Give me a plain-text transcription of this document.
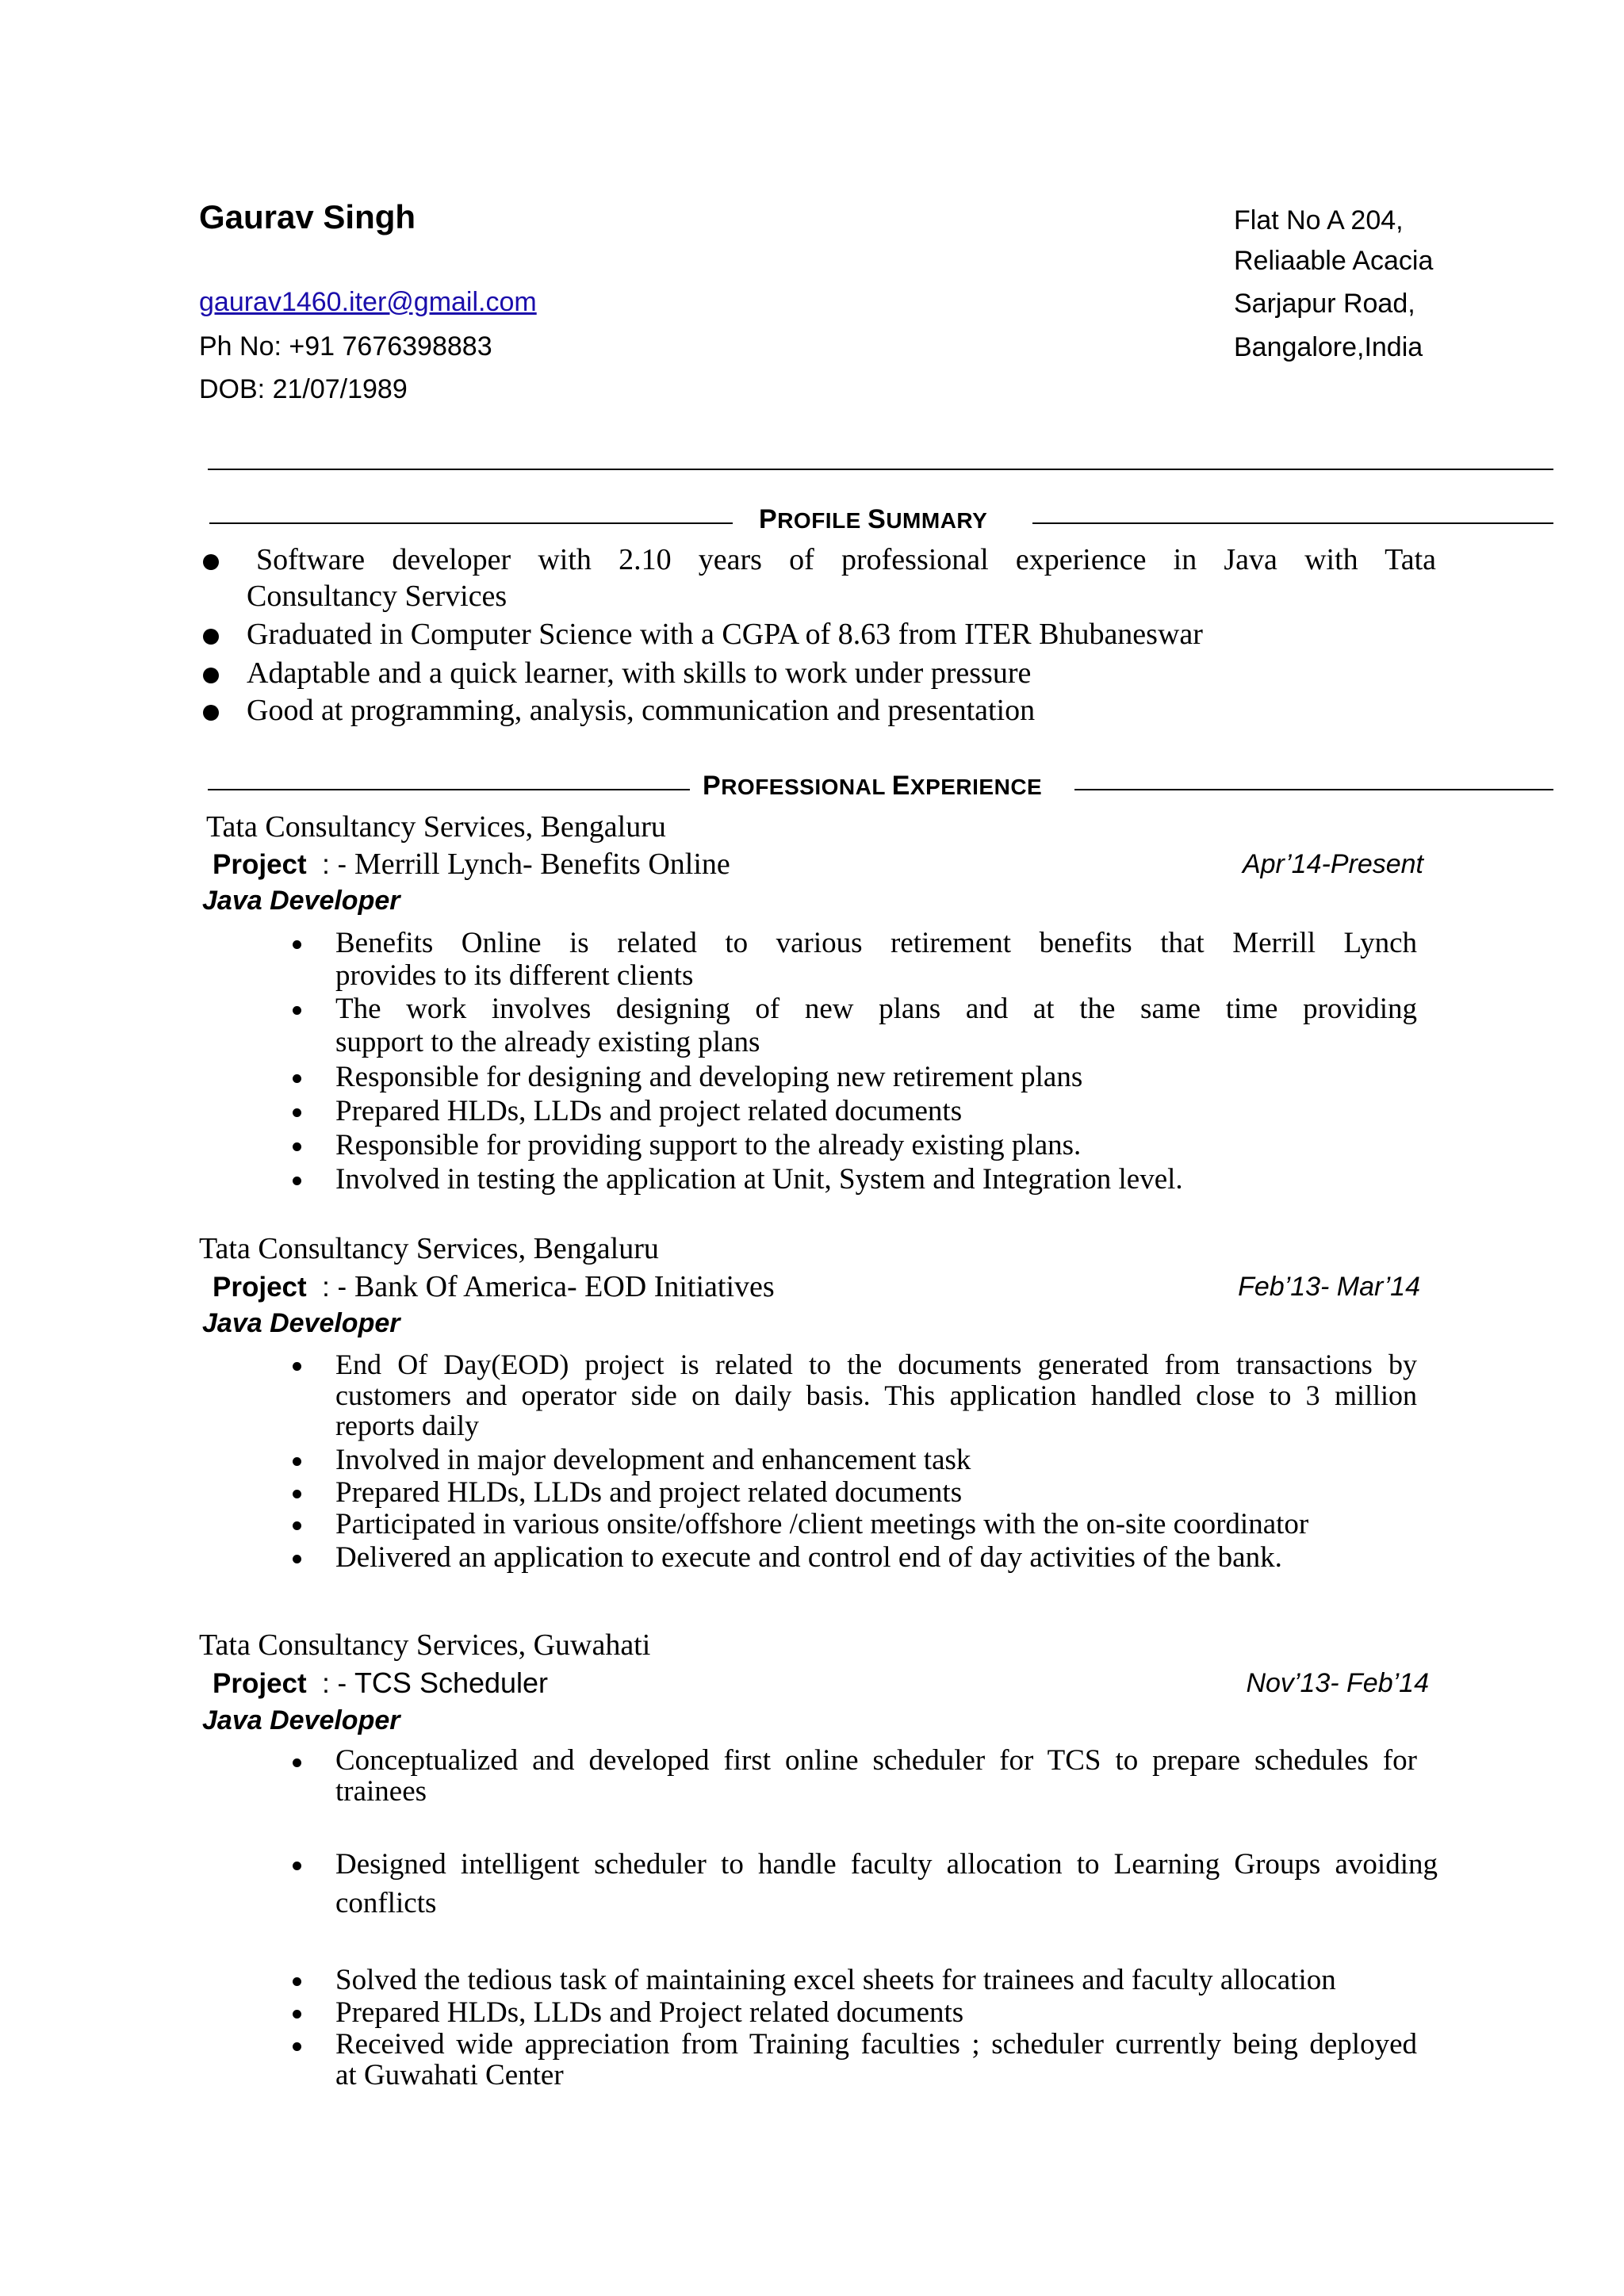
Gaurav Singh
gaurav1460.iter@gmail.com
Ph No: +91 7676398883
DOB: 21/07/1989
Flat No A 204,
Reliaable Acacia
Sarjapur Road,
Bangalore,India
PROFILE SUMMARY
Software developer with 2.10 years of professional experience in Java with Tata
Consultancy Services
Graduated in Computer Science with a CGPA of 8.63 from ITER Bhubaneswar
Adaptable and a quick learner, with skills to work under pressure
Good at programming, analysis, communication and presentation
PROFESSIONAL EXPERIENCE
Tata Consultancy Services, Bengaluru
Project  : - Merrill Lynch- Benefits Online	Apr’14-Present
Java Developer
Benefits Online is related to various retirement benefits that Merrill Lynch
provides to its different clients
The work involves designing of new plans and at the same time providing
support to the already existing plans
Responsible for designing and developing new retirement plans
Prepared HLDs, LLDs and project related documents
Responsible for providing support to the already existing plans.
Involved in testing the application at Unit, System and Integration level.
Tata Consultancy Services, Bengaluru
Project  : - Bank Of America- EOD Initiatives	Feb’13- Mar’14
Java Developer
End Of Day(EOD) project is related to the documents generated from transactions by
customers and operator side on daily basis. This application handled close to 3 million
reports daily
Involved in major development and enhancement task
Prepared HLDs, LLDs and project related documents
Participated in various onsite/offshore /client meetings with the on-site coordinator
Delivered an application to execute and control end of day activities of the bank.
Tata Consultancy Services, Guwahati
Project  : - TCS Scheduler	Nov’13- Feb’14
Java Developer
Conceptualized and developed first online scheduler for TCS to prepare schedules for
trainees
Designed intelligent scheduler to handle faculty allocation to Learning Groups avoiding
conflicts
Solved the tedious task of maintaining excel sheets for trainees and faculty allocation
Prepared HLDs, LLDs and Project related documents
Received wide appreciation from Training faculties ; scheduler currently being deployed
at Guwahati Center
